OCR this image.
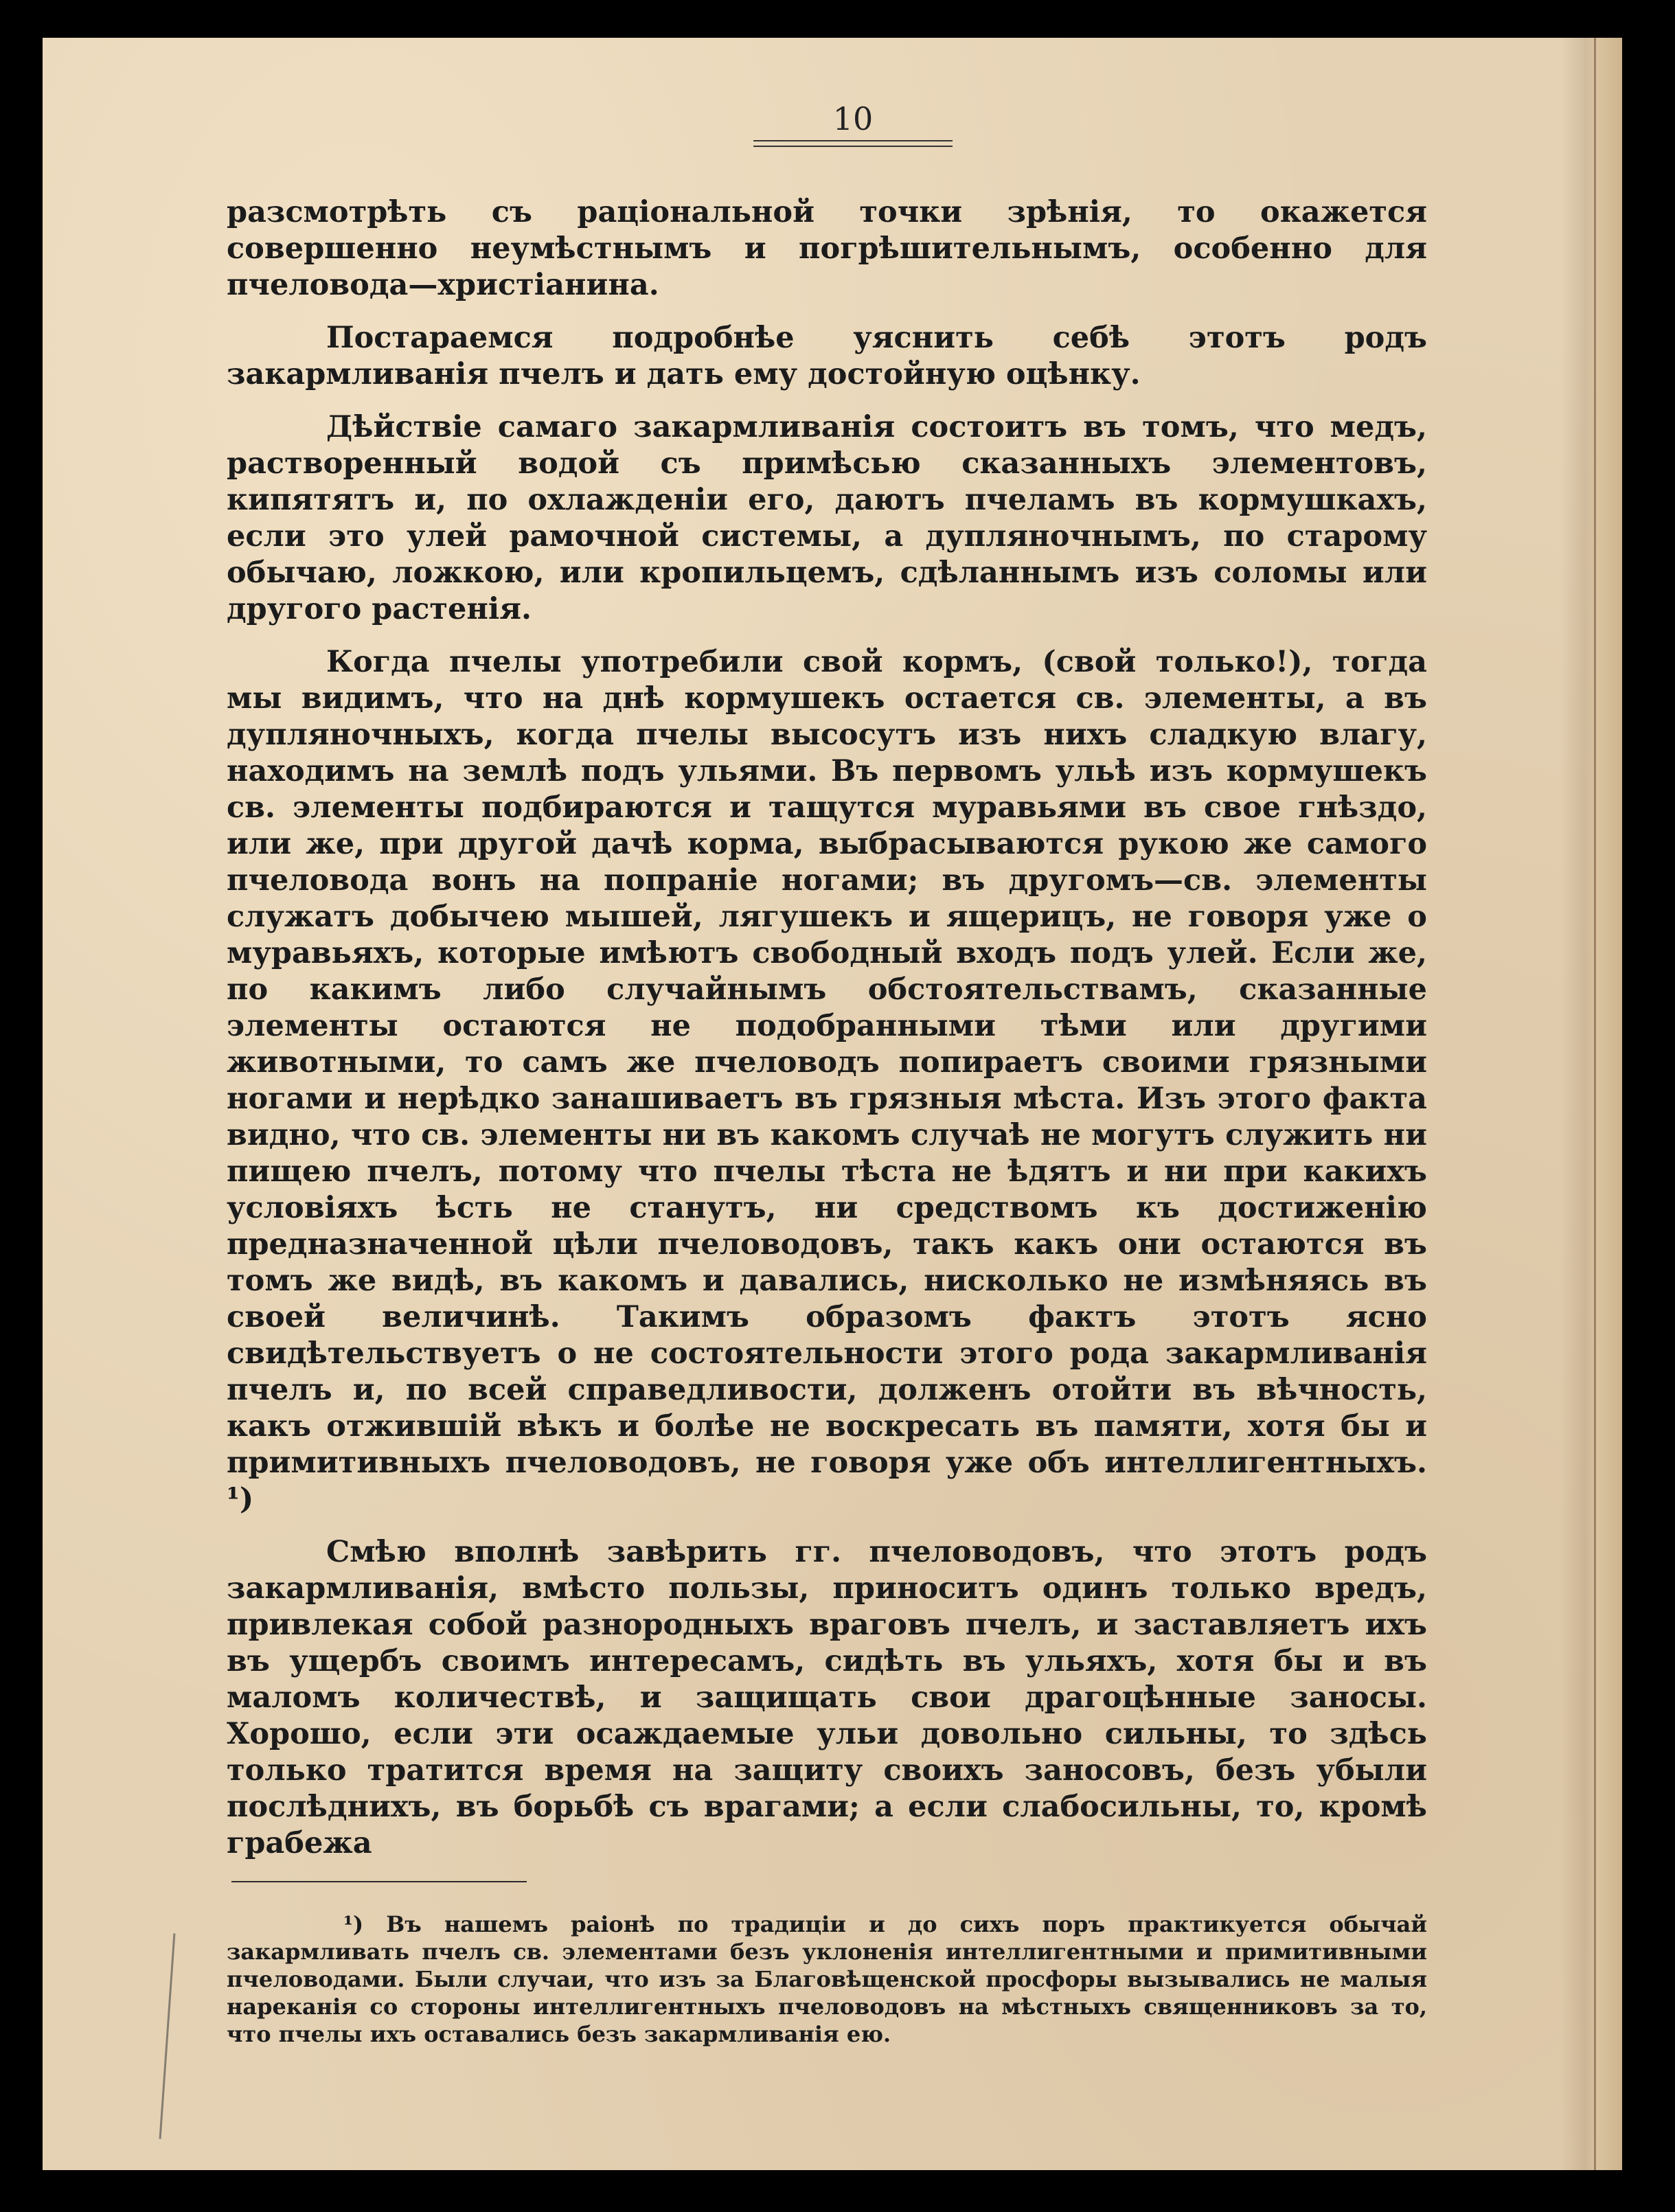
10

разсмотрѣть съ раціональной точки зрѣнія, то окажется совершенно неумѣстнымъ и погрѣшительнымъ, особенно для пчеловода—христіанина.

Постараемся подробнѣе уяснить себѣ этотъ родъ закармливанія пчелъ и дать ему достойную оцѣнку.

Дѣйствіе самаго закармливанія состоитъ въ томъ, что медъ, растворенный водой съ примѣсью сказанныхъ элементовъ, кипятятъ и, по охлажденіи его, даютъ пчеламъ въ кормушкахъ, если это улей рамочной системы, а дупляночнымъ, по старому обычаю, ложкою, или кропильцемъ, сдѣланнымъ изъ соломы или другого растенія.

Когда пчелы употребили свой кормъ, (свой только!), тогда мы видимъ, что на днѣ кормушекъ остается св. элементы, а въ дупляночныхъ, когда пчелы высосутъ изъ нихъ сладкую влагу, находимъ на землѣ подъ ульями. Въ первомъ ульѣ изъ кормушекъ св. элементы подбираются и тащутся муравьями въ свое гнѣздо, или же, при другой дачѣ корма, выбрасываются рукою же самого пчеловода вонъ на попраніе ногами; въ другомъ—св. элементы служатъ добычею мышей, лягушекъ и ящерицъ, не говоря уже о муравьяхъ, которые имѣютъ свободный входъ подъ улей. Если же, по какимъ либо случайнымъ обстоятельствамъ, сказанные элементы остаются не подобранными тѣми или другими животными, то самъ же пчеловодъ попираетъ своими грязными ногами и нерѣдко занашиваетъ въ грязныя мѣста. Изъ этого факта видно, что св. элементы ни въ какомъ случаѣ не могутъ служить ни пищею пчелъ, потому что пчелы тѣста не ѣдятъ и ни при какихъ условіяхъ ѣсть не станутъ, ни средствомъ къ достиженію предназначенной цѣли пчеловодовъ, такъ какъ они остаются въ томъ же видѣ, въ какомъ и давались, нисколько не измѣняясь въ своей величинѣ. Такимъ образомъ фактъ этотъ ясно свидѣтельствуетъ о не состоятельности этого рода закармливанія пчелъ и, по всей справедливости, долженъ отойти въ вѣчность, какъ отжившій вѣкъ и болѣе не воскресать въ памяти, хотя бы и примитивныхъ пчеловодовъ, не говоря уже объ интеллигентныхъ. ¹)

Смѣю вполнѣ завѣрить гг. пчеловодовъ, что этотъ родъ закармливанія, вмѣсто пользы, приноситъ одинъ только вредъ, привлекая собой разнородныхъ враговъ пчелъ, и заставляетъ ихъ въ ущербъ своимъ интересамъ, сидѣть въ ульяхъ, хотя бы и въ маломъ количествѣ, и защищать свои драгоцѣнные заносы. Хорошо, если эти осаждаемые ульи довольно сильны, то здѣсь только тратится время на защиту своихъ заносовъ, безъ убыли послѣднихъ, въ борьбѣ съ врагами; а если слабосильны, то, кромѣ грабежа

¹) Въ нашемъ раіонѣ по традиціи и до сихъ поръ практикуется обычай закармливать пчелъ св. элементами безъ уклоненія интеллигентными и примитивными пчеловодами. Были случаи, что изъ за Благовѣщенской просфоры вызывались не малыя нареканія со стороны интеллигентныхъ пчеловодовъ на мѣстныхъ священниковъ за то, что пчелы ихъ оставались безъ закармливанія ею.
